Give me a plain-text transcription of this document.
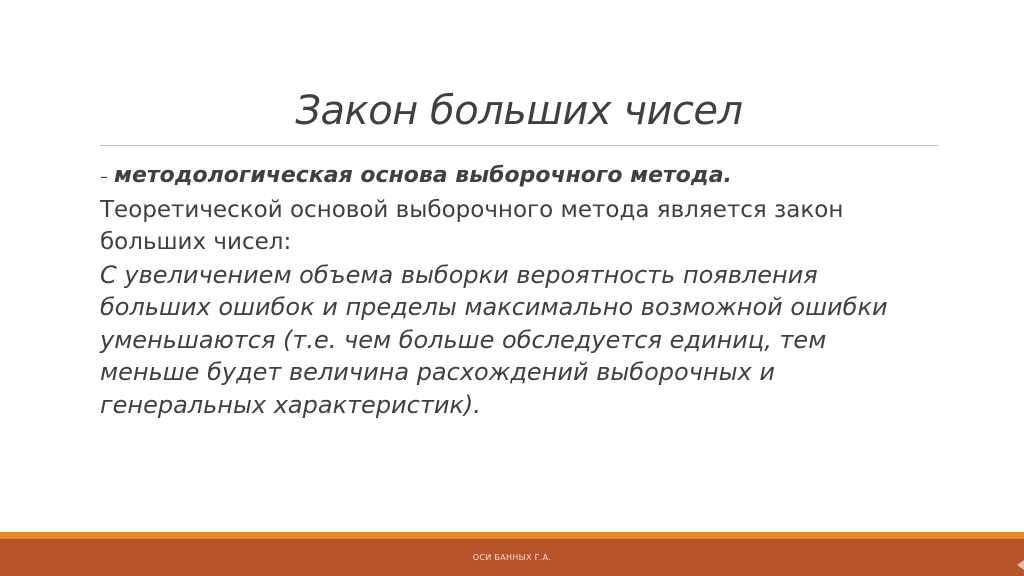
Закон больших чисел
– методологическая основа выборочного метода.
Теоретической основой выборочного метода является закон
больших чисел:
С увеличением объема выборки вероятность появления
больших ошибок и пределы максимально возможной ошибки
уменьшаются (т.е. чем больше обследуется единиц, тем
меньше будет величина расхождений выборочных и
генеральных характеристик).
ОСИ БАННЫХ Г.А.
